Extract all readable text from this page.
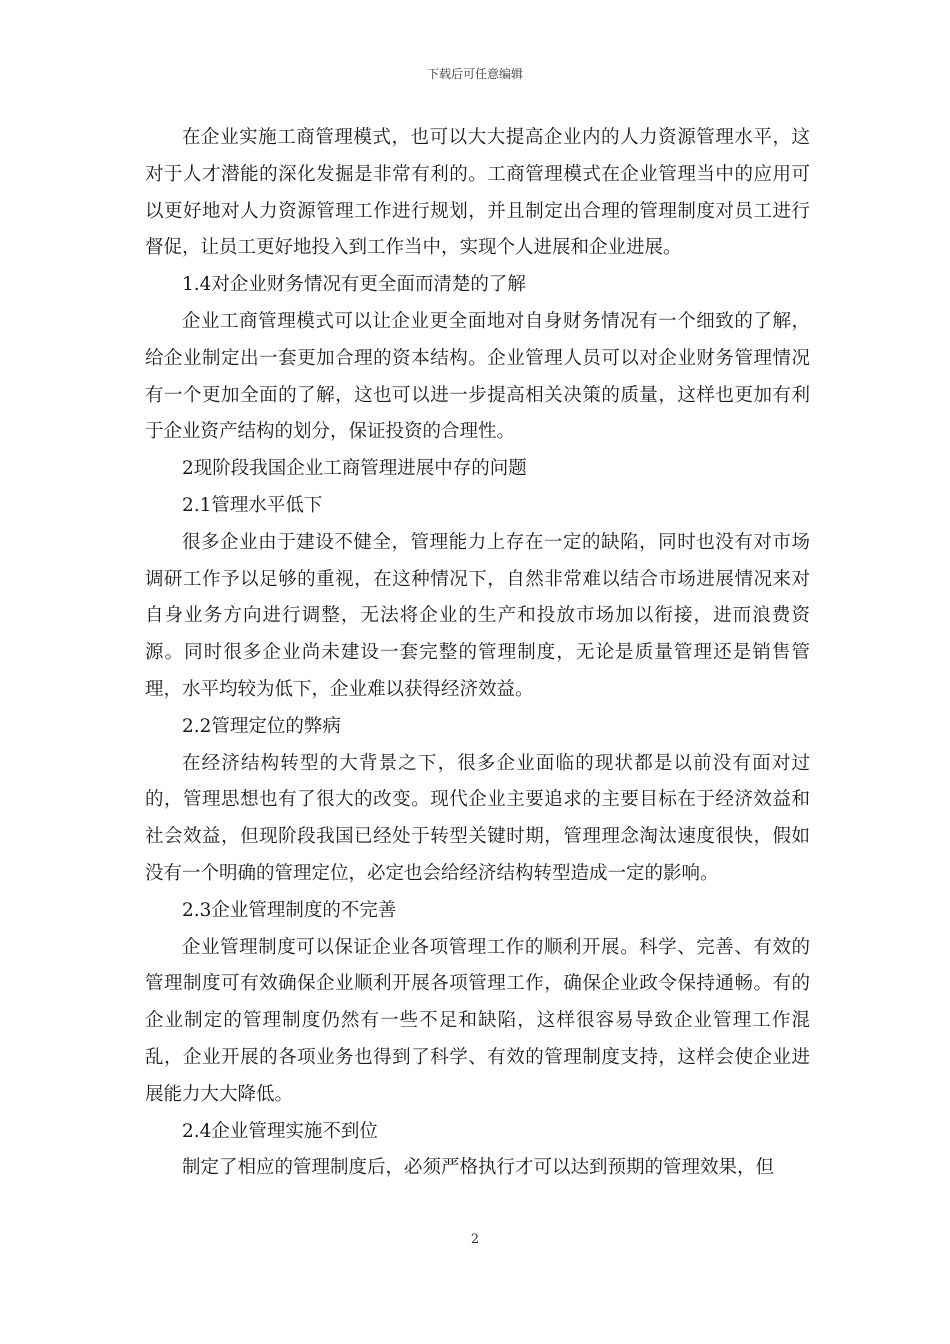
下载后可任意编辑

在企业实施工商管理模式，也可以大大提高企业内的人力资源管理水平，这对于人才潜能的深化发掘是非常有利的。工商管理模式在企业管理当中的应用可以更好地对人力资源管理工作进行规划，并且制定出合理的管理制度对员工进行督促，让员工更好地投入到工作当中，实现个人进展和企业进展。

1.4对企业财务情况有更全面而清楚的了解

企业工商管理模式可以让企业更全面地对自身财务情况有一个细致的了解，给企业制定出一套更加合理的资本结构。企业管理人员可以对企业财务管理情况有一个更加全面的了解，这也可以进一步提高相关决策的质量，这样也更加有利于企业资产结构的划分，保证投资的合理性。

2现阶段我国企业工商管理进展中存的问题

2.1管理水平低下

很多企业由于建设不健全，管理能力上存在一定的缺陷，同时也没有对市场调研工作予以足够的重视，在这种情况下，自然非常难以结合市场进展情况来对自身业务方向进行调整，无法将企业的生产和投放市场加以衔接，进而浪费资源。同时很多企业尚未建设一套完整的管理制度，无论是质量管理还是销售管理，水平均较为低下，企业难以获得经济效益。

2.2管理定位的弊病

在经济结构转型的大背景之下，很多企业面临的现状都是以前没有面对过的，管理思想也有了很大的改变。现代企业主要追求的主要目标在于经济效益和社会效益，但现阶段我国已经处于转型关键时期，管理理念淘汰速度很快，假如没有一个明确的管理定位，必定也会给经济结构转型造成一定的影响。

2.3企业管理制度的不完善

企业管理制度可以保证企业各项管理工作的顺利开展。科学、完善、有效的管理制度可有效确保企业顺利开展各项管理工作，确保企业政令保持通畅。有的企业制定的管理制度仍然有一些不足和缺陷，这样很容易导致企业管理工作混乱，企业开展的各项业务也得到了科学、有效的管理制度支持，这样会使企业进展能力大大降低。

2.4企业管理实施不到位

制定了相应的管理制度后，必须严格执行才可以达到预期的管理效果，但

2
